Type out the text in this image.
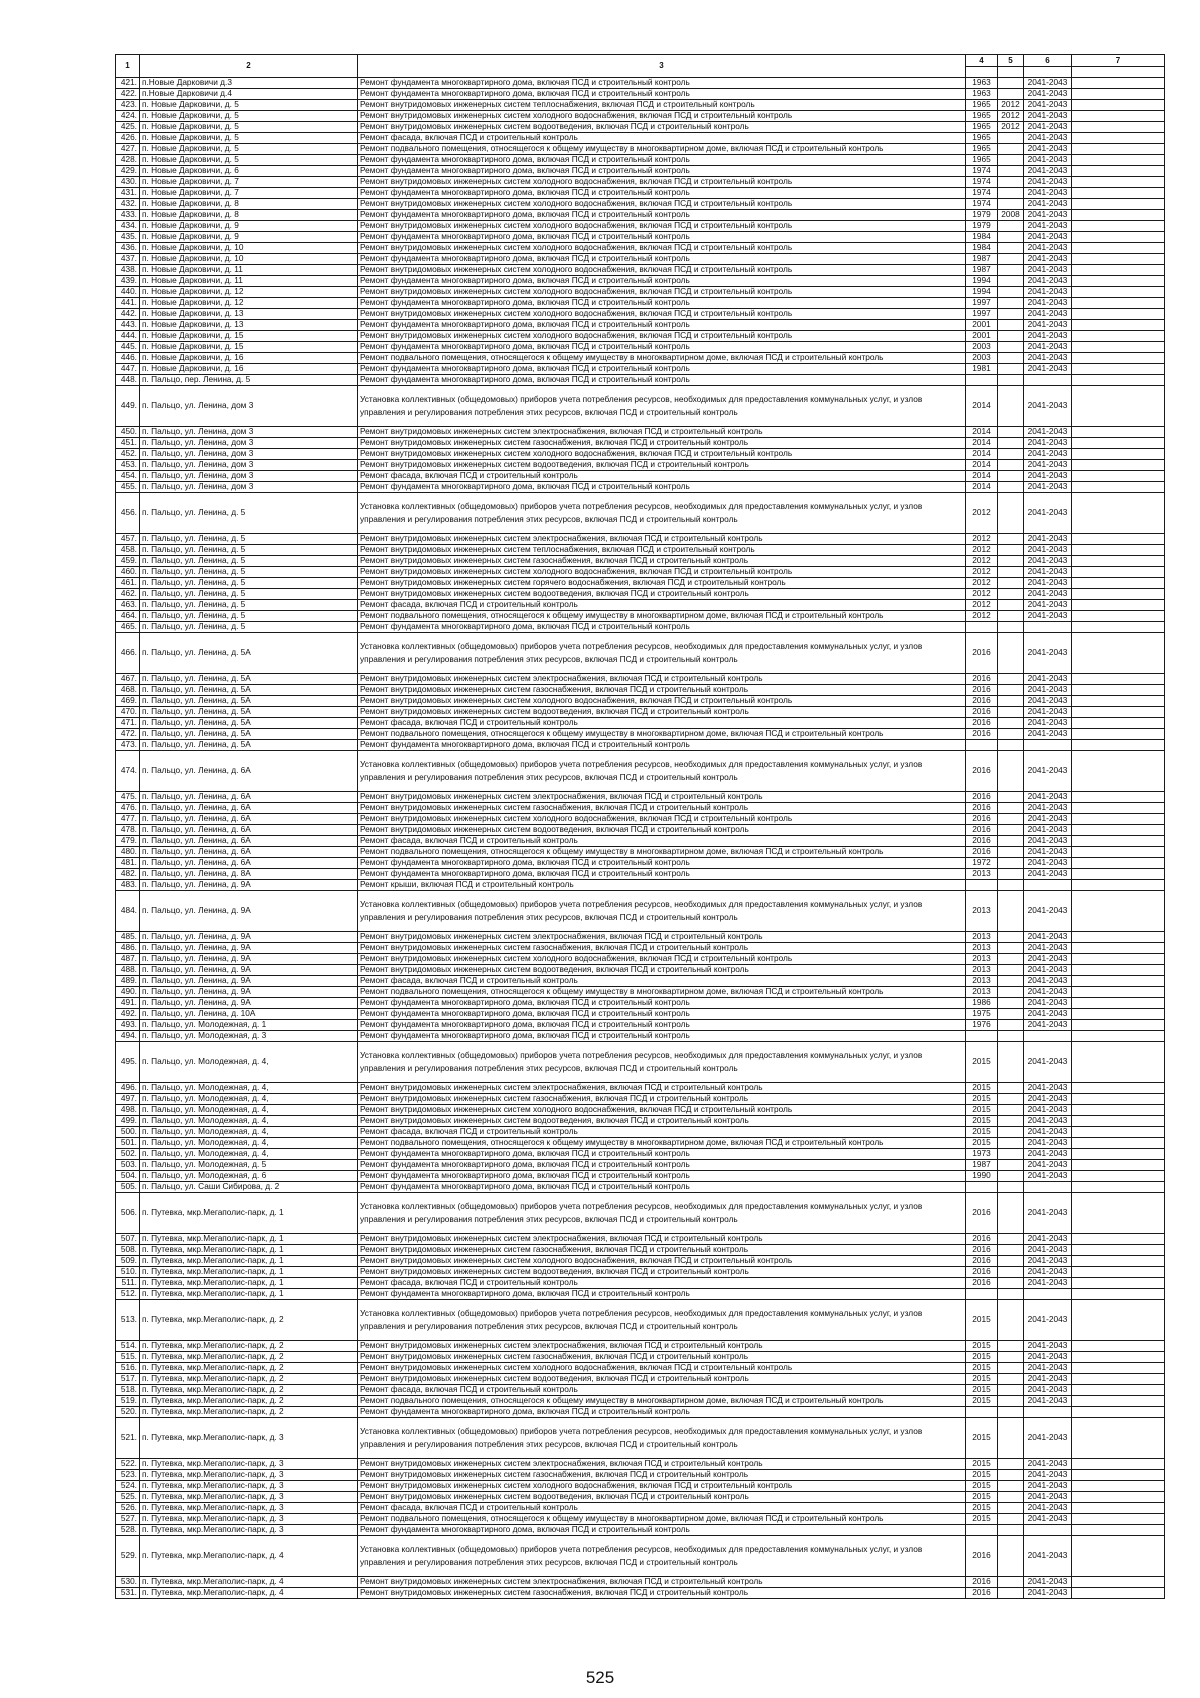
1	2	3	4	5	6	7

421.	п.Новые Дарковичи д.3	Ремонт фундамента многоквартирного дома, включая ПСД и строительный контроль	1963		2041-2043	
422.	п.Новые Дарковичи д.4	Ремонт фундамента многоквартирного дома, включая ПСД и строительный контроль	1963		2041-2043	
423.	п. Новые Дарковичи, д. 5	Ремонт внутридомовых инженерных систем теплоснабжения, включая ПСД и строительный контроль	1965	2012	2041-2043	
424.	п. Новые Дарковичи, д. 5	Ремонт внутридомовых инженерных систем холодного водоснабжения, включая ПСД и строительный контроль	1965	2012	2041-2043	
425.	п. Новые Дарковичи, д. 5	Ремонт внутридомовых инженерных систем водоотведения, включая ПСД и строительный контроль	1965	2012	2041-2043	
426.	п. Новые Дарковичи, д. 5	Ремонт фасада, включая ПСД и строительный контроль	1965		2041-2043	
427.	п. Новые Дарковичи, д. 5	Ремонт подвального помещения, относящегося к общему имуществу в многоквартирном доме, включая ПСД и строительный контроль	1965		2041-2043	
428.	п. Новые Дарковичи, д. 5	Ремонт фундамента многоквартирного дома, включая ПСД и строительный контроль	1965		2041-2043	
429.	п. Новые Дарковичи, д. 6	Ремонт фундамента многоквартирного дома, включая ПСД и строительный контроль	1974		2041-2043	
430.	п. Новые Дарковичи, д. 7	Ремонт внутридомовых инженерных систем холодного водоснабжения, включая ПСД и строительный контроль	1974		2041-2043	
431.	п. Новые Дарковичи, д. 7	Ремонт фундамента многоквартирного дома, включая ПСД и строительный контроль	1974		2041-2043	
432.	п. Новые Дарковичи, д. 8	Ремонт внутридомовых инженерных систем холодного водоснабжения, включая ПСД и строительный контроль	1974		2041-2043	
433.	п. Новые Дарковичи, д. 8	Ремонт фундамента многоквартирного дома, включая ПСД и строительный контроль	1979	2008	2041-2043	
434.	п. Новые Дарковичи, д. 9	Ремонт внутридомовых инженерных систем холодного водоснабжения, включая ПСД и строительный контроль	1979		2041-2043	
435.	п. Новые Дарковичи, д. 9	Ремонт фундамента многоквартирного дома, включая ПСД и строительный контроль	1984		2041-2043	
436.	п. Новые Дарковичи, д. 10	Ремонт внутридомовых инженерных систем холодного водоснабжения, включая ПСД и строительный контроль	1984		2041-2043	
437.	п. Новые Дарковичи, д. 10	Ремонт фундамента многоквартирного дома, включая ПСД и строительный контроль	1987		2041-2043	
438.	п. Новые Дарковичи, д. 11	Ремонт внутридомовых инженерных систем холодного водоснабжения, включая ПСД и строительный контроль	1987		2041-2043	
439.	п. Новые Дарковичи, д. 11	Ремонт фундамента многоквартирного дома, включая ПСД и строительный контроль	1994		2041-2043	
440.	п. Новые Дарковичи, д. 12	Ремонт внутридомовых инженерных систем холодного водоснабжения, включая ПСД и строительный контроль	1994		2041-2043	
441.	п. Новые Дарковичи, д. 12	Ремонт фундамента многоквартирного дома, включая ПСД и строительный контроль	1997		2041-2043	
442.	п. Новые Дарковичи, д. 13	Ремонт внутридомовых инженерных систем холодного водоснабжения, включая ПСД и строительный контроль	1997		2041-2043	
443.	п. Новые Дарковичи, д. 13	Ремонт фундамента многоквартирного дома, включая ПСД и строительный контроль	2001		2041-2043	
444.	п. Новые Дарковичи, д. 15	Ремонт внутридомовых инженерных систем холодного водоснабжения, включая ПСД и строительный контроль	2001		2041-2043	
445.	п. Новые Дарковичи, д. 15	Ремонт фундамента многоквартирного дома, включая ПСД и строительный контроль	2003		2041-2043	
446.	п. Новые Дарковичи, д. 16	Ремонт подвального помещения, относящегося к общему имуществу в многоквартирном доме, включая ПСД и строительный контроль	2003		2041-2043	
447.	п. Новые Дарковичи, д. 16	Ремонт фундамента многоквартирного дома, включая ПСД и строительный контроль	1981		2041-2043	
448.	п. Пальцо, пер. Ленина, д. 5	Ремонт фундамента многоквартирного дома, включая ПСД и строительный контроль				
449.	п. Пальцо, ул. Ленина, дом 3	Установка коллективных (общедомовых) приборов учета потребления ресурсов, необходимых для предоставления коммунальных услуг, и узлов управления и регулирования потребления этих ресурсов, включая ПСД и строительный контроль	2014		2041-2043	
450.	п. Пальцо, ул. Ленина, дом 3	Ремонт внутридомовых инженерных систем электроснабжения, включая ПСД и строительный контроль	2014		2041-2043	
451.	п. Пальцо, ул. Ленина, дом 3	Ремонт внутридомовых инженерных систем газоснабжения, включая ПСД и строительный контроль	2014		2041-2043	
452.	п. Пальцо, ул. Ленина, дом 3	Ремонт внутридомовых инженерных систем холодного водоснабжения, включая ПСД и строительный контроль	2014		2041-2043	
453.	п. Пальцо, ул. Ленина, дом 3	Ремонт внутридомовых инженерных систем водоотведения, включая ПСД и строительный контроль	2014		2041-2043	
454.	п. Пальцо, ул. Ленина, дом 3	Ремонт фасада, включая ПСД и строительный контроль	2014		2041-2043	
455.	п. Пальцо, ул. Ленина, дом 3	Ремонт фундамента многоквартирного дома, включая ПСД и строительный контроль	2014		2041-2043	
456.	п. Пальцо, ул. Ленина, д. 5	Установка коллективных (общедомовых) приборов учета потребления ресурсов, необходимых для предоставления коммунальных услуг, и узлов управления и регулирования потребления этих ресурсов, включая ПСД и строительный контроль	2012		2041-2043	
457.	п. Пальцо, ул. Ленина, д. 5	Ремонт внутридомовых инженерных систем электроснабжения, включая ПСД и строительный контроль	2012		2041-2043	
458.	п. Пальцо, ул. Ленина, д. 5	Ремонт внутридомовых инженерных систем теплоснабжения, включая ПСД и строительный контроль	2012		2041-2043	
459.	п. Пальцо, ул. Ленина, д. 5	Ремонт внутридомовых инженерных систем газоснабжения, включая ПСД и строительный контроль	2012		2041-2043	
460.	п. Пальцо, ул. Ленина, д. 5	Ремонт внутридомовых инженерных систем холодного водоснабжения, включая ПСД и строительный контроль	2012		2041-2043	
461.	п. Пальцо, ул. Ленина, д. 5	Ремонт внутридомовых инженерных систем горячего водоснабжения, включая ПСД и строительный контроль	2012		2041-2043	
462.	п. Пальцо, ул. Ленина, д. 5	Ремонт внутридомовых инженерных систем водоотведения, включая ПСД и строительный контроль	2012		2041-2043	
463.	п. Пальцо, ул. Ленина, д. 5	Ремонт фасада, включая ПСД и строительный контроль	2012		2041-2043	
464.	п. Пальцо, ул. Ленина, д. 5	Ремонт подвального помещения, относящегося к общему имуществу в многоквартирном доме, включая ПСД и строительный контроль	2012		2041-2043	
465.	п. Пальцо, ул. Ленина, д. 5	Ремонт фундамента многоквартирного дома, включая ПСД и строительный контроль				
466.	п. Пальцо, ул. Ленина, д. 5А	Установка коллективных (общедомовых) приборов учета потребления ресурсов, необходимых для предоставления коммунальных услуг, и узлов управления и регулирования потребления этих ресурсов, включая ПСД и строительный контроль	2016		2041-2043	
467.	п. Пальцо, ул. Ленина, д. 5А	Ремонт внутридомовых инженерных систем электроснабжения, включая ПСД и строительный контроль	2016		2041-2043	
468.	п. Пальцо, ул. Ленина, д. 5А	Ремонт внутридомовых инженерных систем газоснабжения, включая ПСД и строительный контроль	2016		2041-2043	
469.	п. Пальцо, ул. Ленина, д. 5А	Ремонт внутридомовых инженерных систем холодного водоснабжения, включая ПСД и строительный контроль	2016		2041-2043	
470.	п. Пальцо, ул. Ленина, д. 5А	Ремонт внутридомовых инженерных систем водоотведения, включая ПСД и строительный контроль	2016		2041-2043	
471.	п. Пальцо, ул. Ленина, д. 5А	Ремонт фасада, включая ПСД и строительный контроль	2016		2041-2043	
472.	п. Пальцо, ул. Ленина, д. 5А	Ремонт подвального помещения, относящегося к общему имуществу в многоквартирном доме, включая ПСД и строительный контроль	2016		2041-2043	
473.	п. Пальцо, ул. Ленина, д. 5А	Ремонт фундамента многоквартирного дома, включая ПСД и строительный контроль				
474.	п. Пальцо, ул. Ленина, д. 6А	Установка коллективных (общедомовых) приборов учета потребления ресурсов, необходимых для предоставления коммунальных услуг, и узлов управления и регулирования потребления этих ресурсов, включая ПСД и строительный контроль	2016		2041-2043	
475.	п. Пальцо, ул. Ленина, д. 6А	Ремонт внутридомовых инженерных систем электроснабжения, включая ПСД и строительный контроль	2016		2041-2043	
476.	п. Пальцо, ул. Ленина, д. 6А	Ремонт внутридомовых инженерных систем газоснабжения, включая ПСД и строительный контроль	2016		2041-2043	
477.	п. Пальцо, ул. Ленина, д. 6А	Ремонт внутридомовых инженерных систем холодного водоснабжения, включая ПСД и строительный контроль	2016		2041-2043	
478.	п. Пальцо, ул. Ленина, д. 6А	Ремонт внутридомовых инженерных систем водоотведения, включая ПСД и строительный контроль	2016		2041-2043	
479.	п. Пальцо, ул. Ленина, д. 6А	Ремонт фасада, включая ПСД и строительный контроль	2016		2041-2043	
480.	п. Пальцо, ул. Ленина, д. 6А	Ремонт подвального помещения, относящегося к общему имуществу в многоквартирном доме, включая ПСД и строительный контроль	2016		2041-2043	
481.	п. Пальцо, ул. Ленина, д. 6А	Ремонт фундамента многоквартирного дома, включая ПСД и строительный контроль	1972		2041-2043	
482.	п. Пальцо, ул. Ленина, д. 8А	Ремонт фундамента многоквартирного дома, включая ПСД и строительный контроль	2013		2041-2043	
483.	п. Пальцо, ул. Ленина, д. 9А	Ремонт крыши, включая ПСД и строительный контроль				
484.	п. Пальцо, ул. Ленина, д. 9А	Установка коллективных (общедомовых) приборов учета потребления ресурсов, необходимых для предоставления коммунальных услуг, и узлов управления и регулирования потребления этих ресурсов, включая ПСД и строительный контроль	2013		2041-2043	
485.	п. Пальцо, ул. Ленина, д. 9А	Ремонт внутридомовых инженерных систем электроснабжения, включая ПСД и строительный контроль	2013		2041-2043	
486.	п. Пальцо, ул. Ленина, д. 9А	Ремонт внутридомовых инженерных систем газоснабжения, включая ПСД и строительный контроль	2013		2041-2043	
487.	п. Пальцо, ул. Ленина, д. 9А	Ремонт внутридомовых инженерных систем холодного водоснабжения, включая ПСД и строительный контроль	2013		2041-2043	
488.	п. Пальцо, ул. Ленина, д. 9А	Ремонт внутридомовых инженерных систем водоотведения, включая ПСД и строительный контроль	2013		2041-2043	
489.	п. Пальцо, ул. Ленина, д. 9А	Ремонт фасада, включая ПСД и строительный контроль	2013		2041-2043	
490.	п. Пальцо, ул. Ленина, д. 9А	Ремонт подвального помещения, относящегося к общему имуществу в многоквартирном доме, включая ПСД и строительный контроль	2013		2041-2043	
491.	п. Пальцо, ул. Ленина, д. 9А	Ремонт фундамента многоквартирного дома, включая ПСД и строительный контроль	1986		2041-2043	
492.	п. Пальцо, ул. Ленина, д. 10А	Ремонт фундамента многоквартирного дома, включая ПСД и строительный контроль	1975		2041-2043	
493.	п. Пальцо, ул. Молодежная, д. 1	Ремонт фундамента многоквартирного дома, включая ПСД и строительный контроль	1976		2041-2043	
494.	п. Пальцо, ул. Молодежная, д. 3	Ремонт фундамента многоквартирного дома, включая ПСД и строительный контроль				
495.	п. Пальцо, ул. Молодежная, д. 4,	Установка коллективных (общедомовых) приборов учета потребления ресурсов, необходимых для предоставления коммунальных услуг, и узлов управления и регулирования потребления этих ресурсов, включая ПСД и строительный контроль	2015		2041-2043	
496.	п. Пальцо, ул. Молодежная, д. 4,	Ремонт внутридомовых инженерных систем электроснабжения, включая ПСД и строительный контроль	2015		2041-2043	
497.	п. Пальцо, ул. Молодежная, д. 4,	Ремонт внутридомовых инженерных систем газоснабжения, включая ПСД и строительный контроль	2015		2041-2043	
498.	п. Пальцо, ул. Молодежная, д. 4,	Ремонт внутридомовых инженерных систем холодного водоснабжения, включая ПСД и строительный контроль	2015		2041-2043	
499.	п. Пальцо, ул. Молодежная, д. 4,	Ремонт внутридомовых инженерных систем водоотведения, включая ПСД и строительный контроль	2015		2041-2043	
500.	п. Пальцо, ул. Молодежная, д. 4,	Ремонт фасада, включая ПСД и строительный контроль	2015		2041-2043	
501.	п. Пальцо, ул. Молодежная, д. 4,	Ремонт подвального помещения, относящегося к общему имуществу в многоквартирном доме, включая ПСД и строительный контроль	2015		2041-2043	
502.	п. Пальцо, ул. Молодежная, д. 4,	Ремонт фундамента многоквартирного дома, включая ПСД и строительный контроль	1973		2041-2043	
503.	п. Пальцо, ул. Молодежная, д. 5	Ремонт фундамента многоквартирного дома, включая ПСД и строительный контроль	1987		2041-2043	
504.	п. Пальцо, ул. Молодежная, д. 6	Ремонт фундамента многоквартирного дома, включая ПСД и строительный контроль	1990		2041-2043	
505.	п. Пальцо, ул. Саши Сибирова, д. 2	Ремонт фундамента многоквартирного дома, включая ПСД и строительный контроль				
506.	п. Путевка, мкр.Мегаполис-парк, д. 1	Установка коллективных (общедомовых) приборов учета потребления ресурсов, необходимых для предоставления коммунальных услуг, и узлов управления и регулирования потребления этих ресурсов, включая ПСД и строительный контроль	2016		2041-2043	
507.	п. Путевка, мкр.Мегаполис-парк, д. 1	Ремонт внутридомовых инженерных систем электроснабжения, включая ПСД и строительный контроль	2016		2041-2043	
508.	п. Путевка, мкр.Мегаполис-парк, д. 1	Ремонт внутридомовых инженерных систем газоснабжения, включая ПСД и строительный контроль	2016		2041-2043	
509.	п. Путевка, мкр.Мегаполис-парк, д. 1	Ремонт внутридомовых инженерных систем холодного водоснабжения, включая ПСД и строительный контроль	2016		2041-2043	
510.	п. Путевка, мкр.Мегаполис-парк, д. 1	Ремонт внутридомовых инженерных систем водоотведения, включая ПСД и строительный контроль	2016		2041-2043	
511.	п. Путевка, мкр.Мегаполис-парк, д. 1	Ремонт фасада, включая ПСД и строительный контроль	2016		2041-2043	
512.	п. Путевка, мкр.Мегаполис-парк, д. 1	Ремонт фундамента многоквартирного дома, включая ПСД и строительный контроль				
513.	п. Путевка, мкр.Мегаполис-парк, д. 2	Установка коллективных (общедомовых) приборов учета потребления ресурсов, необходимых для предоставления коммунальных услуг, и узлов управления и регулирования потребления этих ресурсов, включая ПСД и строительный контроль	2015		2041-2043	
514.	п. Путевка, мкр.Мегаполис-парк, д. 2	Ремонт внутридомовых инженерных систем электроснабжения, включая ПСД и строительный контроль	2015		2041-2043	
515.	п. Путевка, мкр.Мегаполис-парк, д. 2	Ремонт внутридомовых инженерных систем газоснабжения, включая ПСД и строительный контроль	2015		2041-2043	
516.	п. Путевка, мкр.Мегаполис-парк, д. 2	Ремонт внутридомовых инженерных систем холодного водоснабжения, включая ПСД и строительный контроль	2015		2041-2043	
517.	п. Путевка, мкр.Мегаполис-парк, д. 2	Ремонт внутридомовых инженерных систем водоотведения, включая ПСД и строительный контроль	2015		2041-2043	
518.	п. Путевка, мкр.Мегаполис-парк, д. 2	Ремонт фасада, включая ПСД и строительный контроль	2015		2041-2043	
519.	п. Путевка, мкр.Мегаполис-парк, д. 2	Ремонт подвального помещения, относящегося к общему имуществу в многоквартирном доме, включая ПСД и строительный контроль	2015		2041-2043	
520.	п. Путевка, мкр.Мегаполис-парк, д. 2	Ремонт фундамента многоквартирного дома, включая ПСД и строительный контроль				
521.	п. Путевка, мкр.Мегаполис-парк, д. 3	Установка коллективных (общедомовых) приборов учета потребления ресурсов, необходимых для предоставления коммунальных услуг, и узлов управления и регулирования потребления этих ресурсов, включая ПСД и строительный контроль	2015		2041-2043	
522.	п. Путевка, мкр.Мегаполис-парк, д. 3	Ремонт внутридомовых инженерных систем электроснабжения, включая ПСД и строительный контроль	2015		2041-2043	
523.	п. Путевка, мкр.Мегаполис-парк, д. 3	Ремонт внутридомовых инженерных систем газоснабжения, включая ПСД и строительный контроль	2015		2041-2043	
524.	п. Путевка, мкр.Мегаполис-парк, д. 3	Ремонт внутридомовых инженерных систем холодного водоснабжения, включая ПСД и строительный контроль	2015		2041-2043	
525.	п. Путевка, мкр.Мегаполис-парк, д. 3	Ремонт внутридомовых инженерных систем водоотведения, включая ПСД и строительный контроль	2015		2041-2043	
526.	п. Путевка, мкр.Мегаполис-парк, д. 3	Ремонт фасада, включая ПСД и строительный контроль	2015		2041-2043	
527.	п. Путевка, мкр.Мегаполис-парк, д. 3	Ремонт подвального помещения, относящегося к общему имуществу в многоквартирном доме, включая ПСД и строительный контроль	2015		2041-2043	
528.	п. Путевка, мкр.Мегаполис-парк, д. 3	Ремонт фундамента многоквартирного дома, включая ПСД и строительный контроль				
529.	п. Путевка, мкр.Мегаполис-парк, д. 4	Установка коллективных (общедомовых) приборов учета потребления ресурсов, необходимых для предоставления коммунальных услуг, и узлов управления и регулирования потребления этих ресурсов, включая ПСД и строительный контроль	2016		2041-2043	
530.	п. Путевка, мкр.Мегаполис-парк, д. 4	Ремонт внутридомовых инженерных систем электроснабжения, включая ПСД и строительный контроль	2016		2041-2043	
531.	п. Путевка, мкр.Мегаполис-парк, д. 4	Ремонт внутридомовых инженерных систем газоснабжения, включая ПСД и строительный контроль	2016		2041-2043	
525
